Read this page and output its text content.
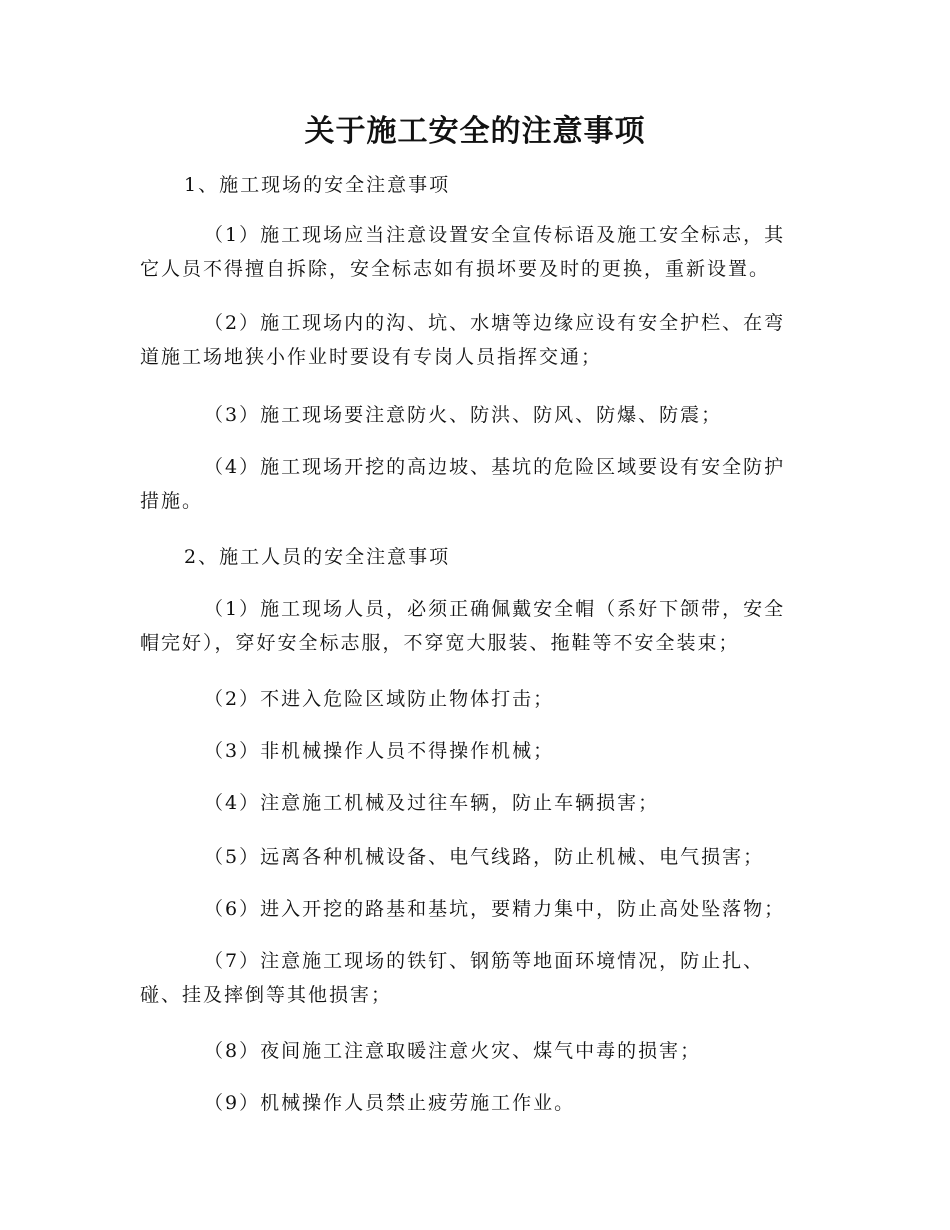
关于施工安全的注意事项

1、施工现场的安全注意事项

（1）施工现场应当注意设置安全宣传标语及施工安全标志，其它人员不得擅自拆除，安全标志如有损坏要及时的更换，重新设置。

（2）施工现场内的沟、坑、水塘等边缘应设有安全护栏、在弯道施工场地狭小作业时要设有专岗人员指挥交通；

（3）施工现场要注意防火、防洪、防风、防爆、防震；

（4）施工现场开挖的高边坡、基坑的危险区域要设有安全防护措施。

2、施工人员的安全注意事项

（1）施工现场人员，必须正确佩戴安全帽（系好下颌带，安全帽完好），穿好安全标志服，不穿宽大服装、拖鞋等不安全装束；

（2）不进入危险区域防止物体打击；

（3）非机械操作人员不得操作机械；

（4）注意施工机械及过往车辆，防止车辆损害；

（5）远离各种机械设备、电气线路，防止机械、电气损害；

（6）进入开挖的路基和基坑，要精力集中，防止高处坠落物；

（7）注意施工现场的铁钉、钢筋等地面环境情况，防止扎、碰、挂及摔倒等其他损害；

（8）夜间施工注意取暖注意火灾、煤气中毒的损害；

（9）机械操作人员禁止疲劳施工作业。
